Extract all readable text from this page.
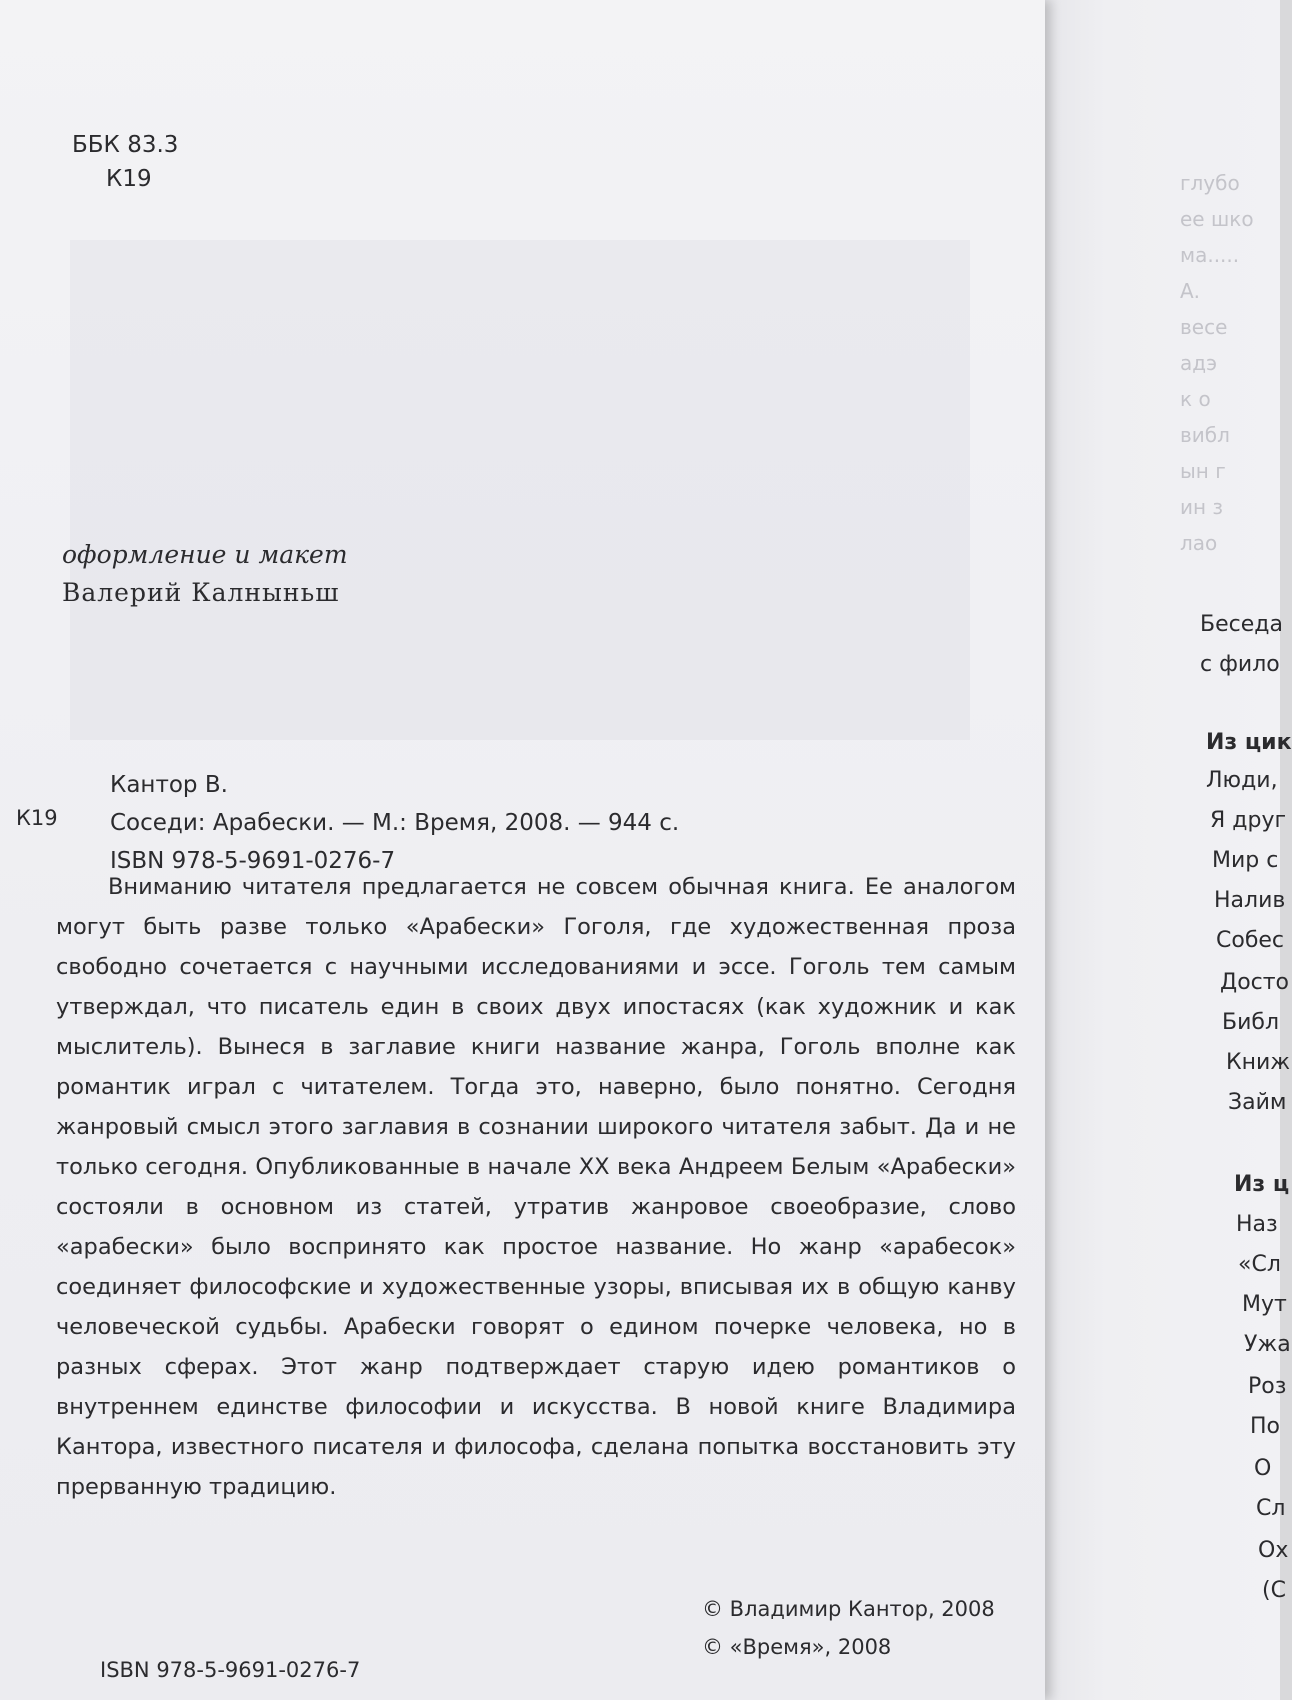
ББК 83.3
К19
оформление и макет
Валерий Калныньш
К19
Кантор В.
Соседи: Арабески. — М.: Время, 2008. — 944 с.
ISBN 978-5-9691-0276-7

Вниманию читателя предлагается не совсем обычная книга. Ее аналогом могут быть разве только «Арабески» Гоголя, где художественная проза свободно сочетается с научными исследованиями и эссе. Гоголь тем самым утверждал, что писатель един в своих двух ипостасях (как художник и как мыслитель). Вынеся в заглавие книги название жанра, Гоголь вполне как романтик играл с читателем. Тогда это, наверно, было понятно. Сегодня жанровый смысл этого заглавия в сознании широкого читателя забыт. Да и не только сегодня. Опубликованные в начале ХХ века Андреем Белым «Арабески» состояли в основном из статей, утратив жанровое своеобразие, слово «арабески» было воспринято как простое название. Но жанр «арабесок» соединяет философские и художественные узоры, вписывая их в общую канву человеческой судьбы. Арабески говорят о едином почерке человека, но в разных сферах. Этот жанр подтверждает старую идею романтиков о внутреннем единстве философии и искусства. В новой книге Владимира Кантора, известного писателя и философа, сделана попытка восстановить эту прерванную традицию.

© Владимир Кантор, 2008
© «Время», 2008
ISBN 978-5-9691-0276-7
глубо
ее шко
ма.....
А.
весе
адэ
к о
вибл
ын г
ин з
лао
Беседа
с фило
Из цик
Люди,
Я друг
Мир с
Налив
Собес
Досто
Библ
Книж
Займ
Из ц
Наз
«Сл
Мут
Ужа
Роз
По
О
Сл
Ох
(С
